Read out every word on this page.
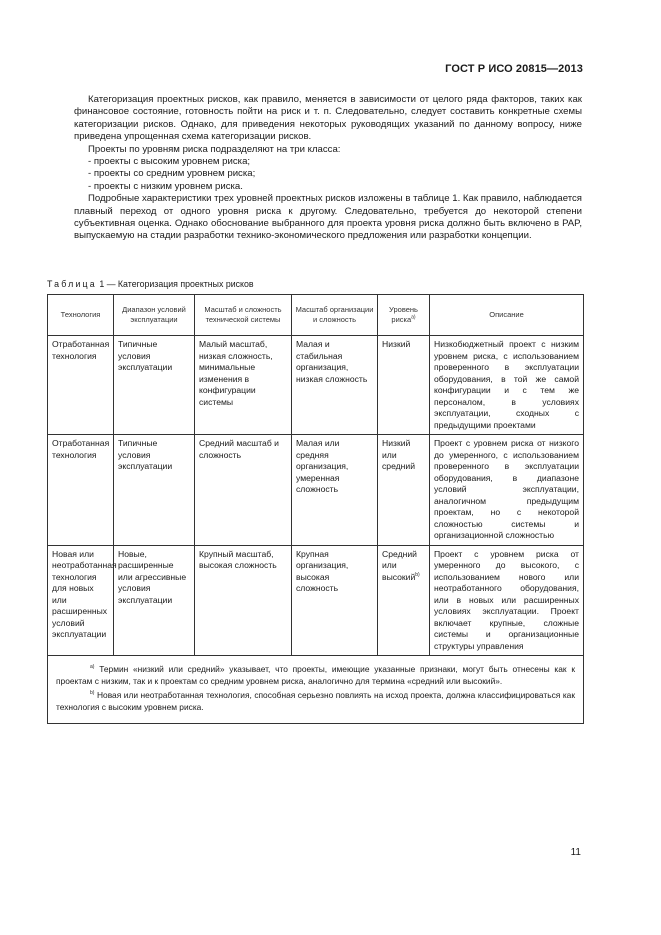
ГОСТ Р ИСО 20815—2013

Категоризация проектных рисков, как правило, меняется в зависимости от целого ряда факторов, таких как финансовое состояние, готовность пойти на риск и т. п. Следовательно, следует составить конкретные схемы категоризации рисков. Однако, для приведения некоторых руководящих указаний по данному вопросу, ниже приведена упрощенная схема категоризации рисков.

Проекты по уровням риска подразделяют на три класса:

- проекты с высоким уровнем риска;

- проекты со средним уровнем риска;

- проекты с низким уровнем риска.

Подробные характеристики трех уровней проектных рисков изложены в таблице 1. Как правило, наблюдается плавный переход от одного уровня риска к другому. Следовательно, требуется до некоторой степени субъективная оценка. Однако обоснование выбранного для проекта уровня риска должно быть включено в PAP, выпускаемую на стадии разработки технико-экономического предложения или разработки концепции.

Таблица 1 — Категоризация проектных рисков
Технология	Диапазон условий эксплуатации	Масштаб и сложность технической системы	Масштаб организации и сложность	Уровень риска$^{a)}$	Описание
Отработанная технология	Типичные условия эксплуатации	Малый масштаб, низкая сложность, минимальные изменения в конфигурации системы	Малая и стабильная организация, низкая сложность	Низкий	Низкобюджетный проект с низким уровнем риска, с использованием проверенного в эксплуатации оборудования, в той же самой конфигурации и с тем же персоналом, в условиях эксплуатации, сходных с предыдущими проектами
Отработанная технология	Типичные условия эксплуатации	Средний масштаб и сложность	Малая или средняя организация, умеренная сложность	Низкий или средний	Проект с уровнем риска от низкого до умеренного, с использованием проверенного в эксплуатации оборудования, в диапазоне условий эксплуатации, аналогичном предыдущим проектам, но с некоторой сложностью системы и организационной сложностью
Новая или неотработанная технология для новых или расширенных условий эксплуатации	Новые, расширенные или агрессивные условия эксплуатации	Крупный масштаб, высокая сложность	Крупная организация, высокая сложность	Средний или высокий$^{b)}$	Проект с уровнем риска от умеренного до высокого, с использованием нового или неотработанного оборудования, или в новых или расширенных условиях эксплуатации. Проект включает крупные, сложные системы и организационные структуры управления

$^{a)}$ Термин «низкий или средний» указывает, что проекты, имеющие указанные признаки, могут быть отнесены как к проектам с низким, так и к проектам со средним уровнем риска, аналогично для термина «средний или высокий».
$^{b)}$ Новая или неотработанная технология, способная серьезно повлиять на исход проекта, должна классифицироваться как технология с высоким уровнем риска.					
11
